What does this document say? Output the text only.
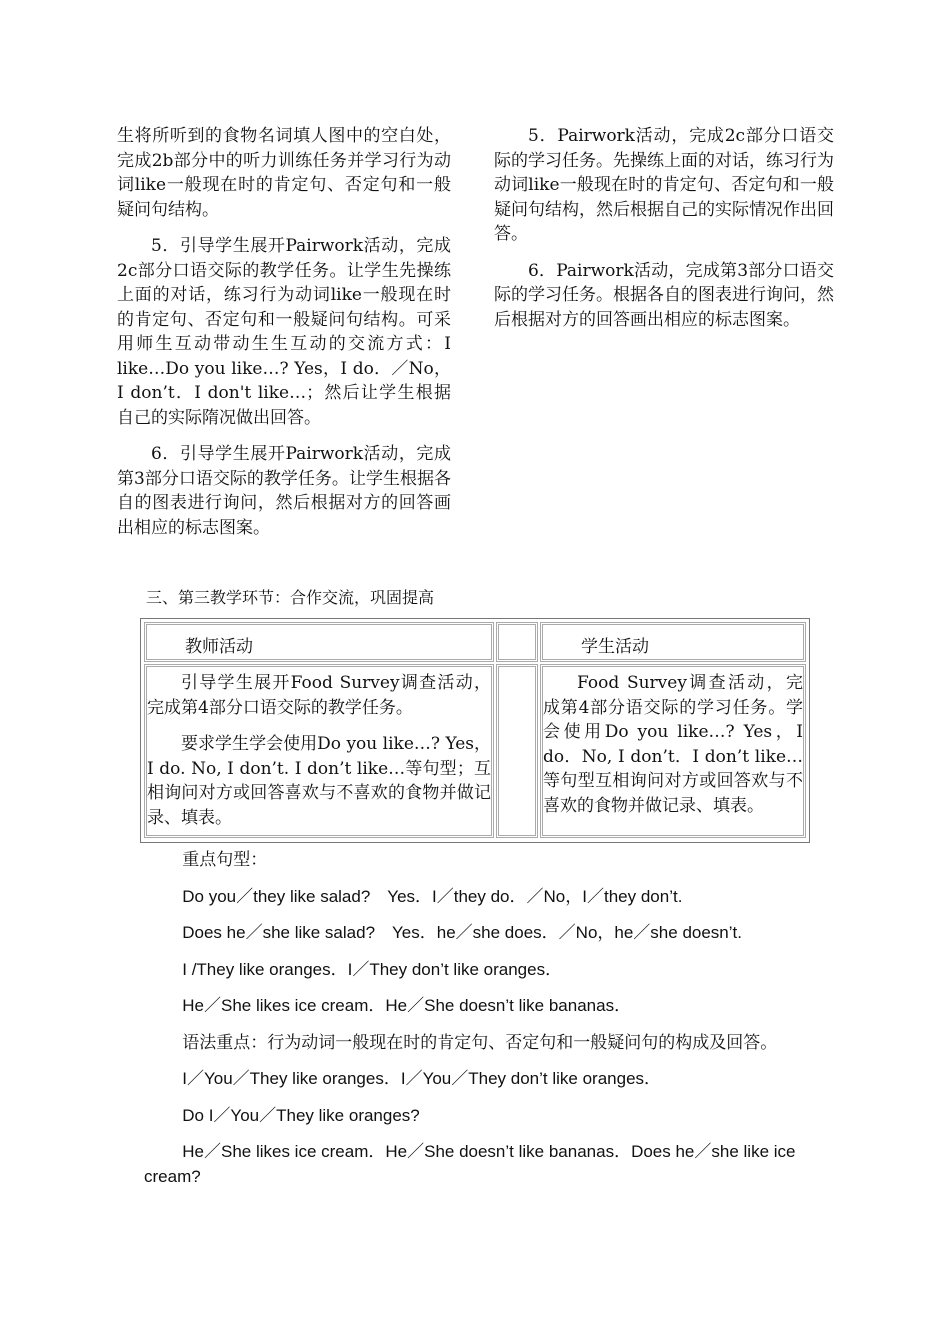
生将所听到的食物名词填人图中的空白处，完成2b部分中的听力训练任务并学习行为动词like一般现在时的肯定句、否定句和一般疑问句结构。

5．引导学生展开Pairwork活动，完成2c部分口语交际的教学任务。让学生先操练上面的对话，练习行为动词like一般现在时的肯定句、否定句和一般疑问句结构。可采用师生互动带动生生互动的交流方式：I like…Do you like…? Yes，I do．／No，I don’t．I don't like…；然后让学生根据自己的实际隋况做出回答。

6．引导学生展开Pairwork活动，完成第3部分口语交际的教学任务。让学生根据各自的图表进行询问，然后根据对方的回答画出相应的标志图案。

5．Pairwork活动，完成2c部分口语交际的学习任务。先操练上面的对话，练习行为动词like一般现在时的肯定句、否定句和一般疑问句结构，然后根据自己的实际情况作出回答。

6．Pairwork活动，完成第3部分口语交际的学习任务。根据各自的图表进行询问，然后根据对方的回答画出相应的标志图案。

三、第三教学环节：合作交流，巩固提高
教师活动	学生活动

引导学生展开Food Survey调查活动，完成第4部分口语交际的教学任务。

要求学生学会使用Do you like…? Yes，I do. No, I don’t. I don’t like…等句型；互相询问对方或回答喜欢与不喜欢的食物并做记录、填表。

Food Survey调查活动，完成第4部分语交际的学习任务。学会使用Do you like…? Yes，I do．No, I don’t．I don’t like…等句型互相询问对方或回答欢与不喜欢的食物并做记录、填表。

重点句型：

Do you／they like salad?　Yes．I／they do．／No，I／they don’t.

Does he／she like salad?　Yes．he／she does．／No，he／she doesn’t.

I /They like oranges．I／They don’t like oranges．

He／She likes ice cream．He／She doesn’t like bananas．

语法重点：行为动词一般现在时的肯定句、否定句和一般疑问句的构成及回答。

I／You／They like oranges．I／You／They don’t like oranges．

Do I／You／They like oranges?

He／She likes ice cream．He／She doesn’t like bananas．Does he／she like ice cream?
